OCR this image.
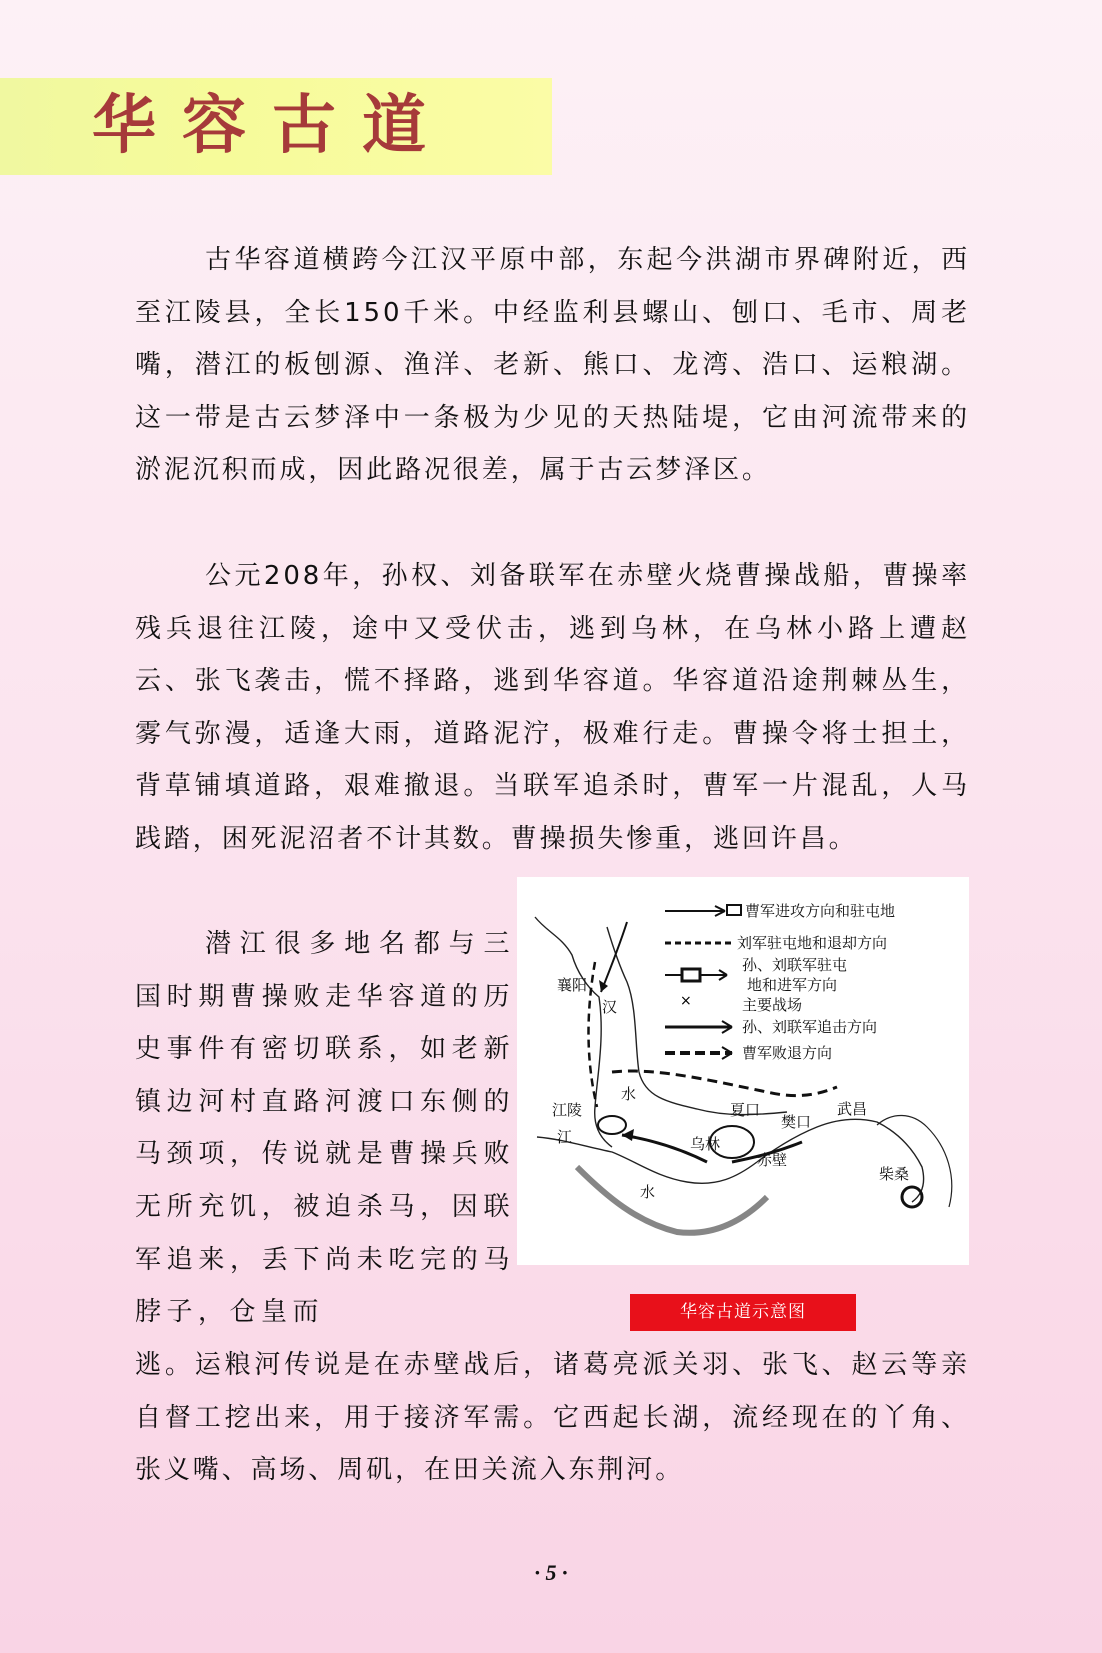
华容古道

古华容道横跨今江汉平原中部，东起今洪湖市界碑附近，西至江陵县，全长150千米。中经监利县螺山、刨口、毛市、周老嘴，潜江的板刨源、渔洋、老新、熊口、龙湾、浩口、运粮湖。这一带是古云梦泽中一条极为少见的天热陆堤，它由河流带来的淤泥沉积而成，因此路况很差，属于古云梦泽区。

公元208年，孙权、刘备联军在赤壁火烧曹操战船，曹操率残兵退往江陵，途中又受伏击，逃到乌林，在乌林小路上遭赵云、张飞袭击，慌不择路，逃到华容道。华容道沿途荆棘丛生，雾气弥漫，适逢大雨，道路泥泞，极难行走。曹操令将士担土，背草铺填道路，艰难撤退。当联军追杀时，曹军一片混乱，人马践踏，困死泥沼者不计其数。曹操损失惨重，逃回许昌。

潜江很多地名都与三国时期曹操败走华容道的历史事件有密切联系，如老新镇边河村直路河渡口东侧的马颈项，传说就是曹操兵败无所充饥，被迫杀马，因联军追来，丢下尚未吃完的马脖子，仓皇而

逃。运粮河传说是在赤壁战后，诸葛亮派关羽、张飞、赵云等亲自督工挖出来，用于接济军需。它西起长湖，流经现在的丫角、张义嘴、高场、周矶，在田关流入东荆河。

×
曹军进攻方向和驻屯地
刘军驻屯地和退却方向
孙、刘联军驻屯
地和进军方向
主要战场
孙、刘联军追击方向
曹军败退方向
襄阳
汉
水
江陵
江	乌林
夏口
樊口
武昌
赤壁
柴桑
水
华容古道示意图
· 5 ·
